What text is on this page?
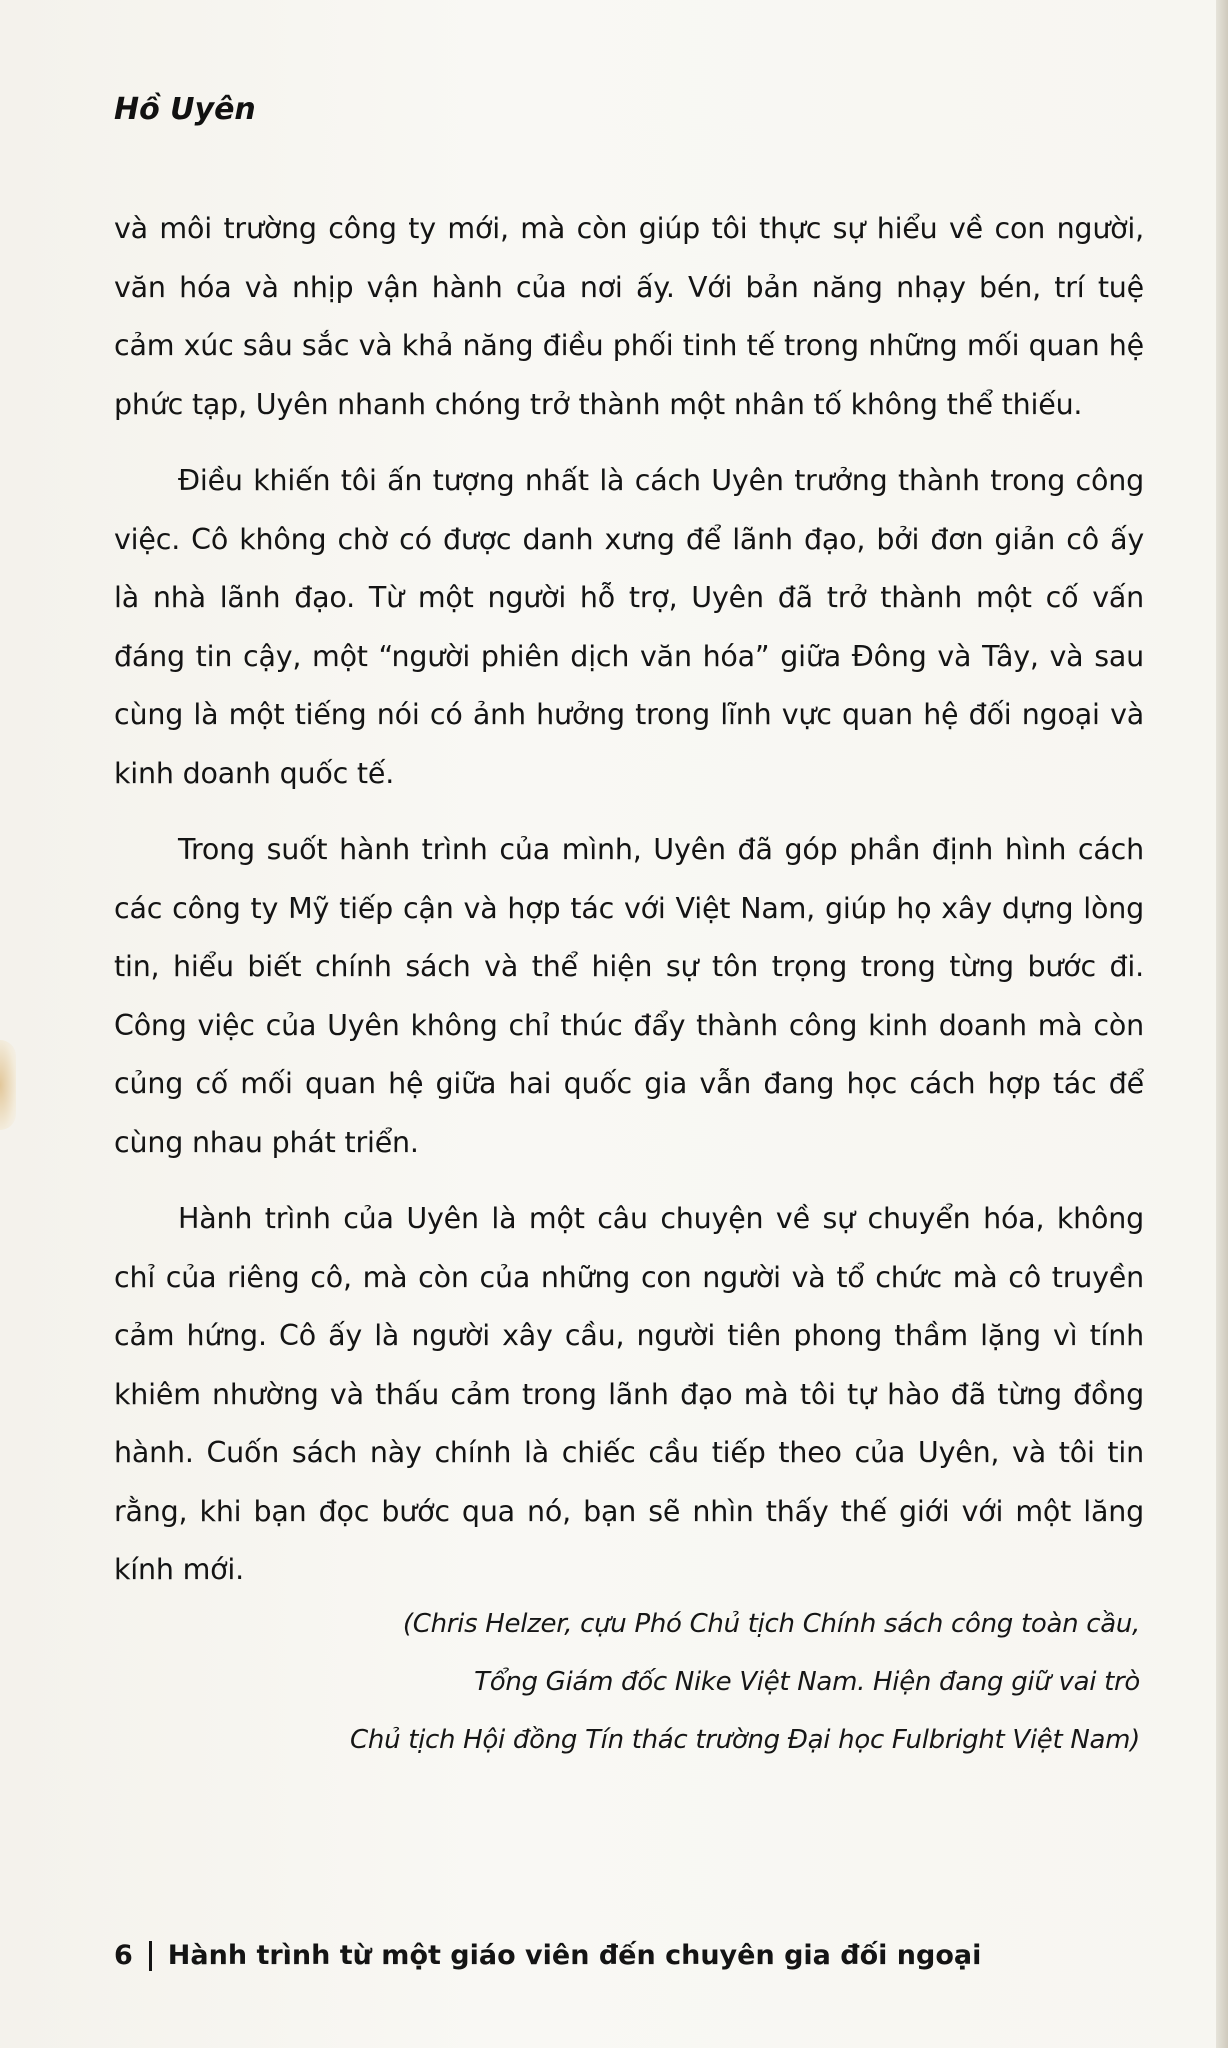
Hồ Uyên

và môi trường công ty mới, mà còn giúp tôi thực sự hiểu về con người, văn hóa và nhịp vận hành của nơi ấy. Với bản năng nhạy bén, trí tuệ cảm xúc sâu sắc và khả năng điều phối tinh tế trong những mối quan hệ phức tạp, Uyên nhanh chóng trở thành một nhân tố không thể thiếu.

Điều khiến tôi ấn tượng nhất là cách Uyên trưởng thành trong công việc. Cô không chờ có được danh xưng để lãnh đạo, bởi đơn giản cô ấy là nhà lãnh đạo. Từ một người hỗ trợ, Uyên đã trở thành một cố vấn đáng tin cậy, một “người phiên dịch văn hóa” giữa Đông và Tây, và sau cùng là một tiếng nói có ảnh hưởng trong lĩnh vực quan hệ đối ngoại và kinh doanh quốc tế.

Trong suốt hành trình của mình, Uyên đã góp phần định hình cách các công ty Mỹ tiếp cận và hợp tác với Việt Nam, giúp họ xây dựng lòng tin, hiểu biết chính sách và thể hiện sự tôn trọng trong từng bước đi. Công việc của Uyên không chỉ thúc đẩy thành công kinh doanh mà còn củng cố mối quan hệ giữa hai quốc gia vẫn đang học cách hợp tác để cùng nhau phát triển.

Hành trình của Uyên là một câu chuyện về sự chuyển hóa, không chỉ của riêng cô, mà còn của những con người và tổ chức mà cô truyền cảm hứng. Cô ấy là người xây cầu, người tiên phong thầm lặng vì tính khiêm nhường và thấu cảm trong lãnh đạo mà tôi tự hào đã từng đồng hành. Cuốn sách này chính là chiếc cầu tiếp theo của Uyên, và tôi tin rằng, khi bạn đọc bước qua nó, bạn sẽ nhìn thấy thế giới với một lăng kính mới.

(Chris Helzer, cựu Phó Chủ tịch Chính sách công toàn cầu,
Tổng Giám đốc Nike Việt Nam. Hiện đang giữ vai trò
Chủ tịch Hội đồng Tín thác trường Đại học Fulbright Việt Nam)
6 Hành trình từ một giáo viên đến chuyên gia đối ngoại
